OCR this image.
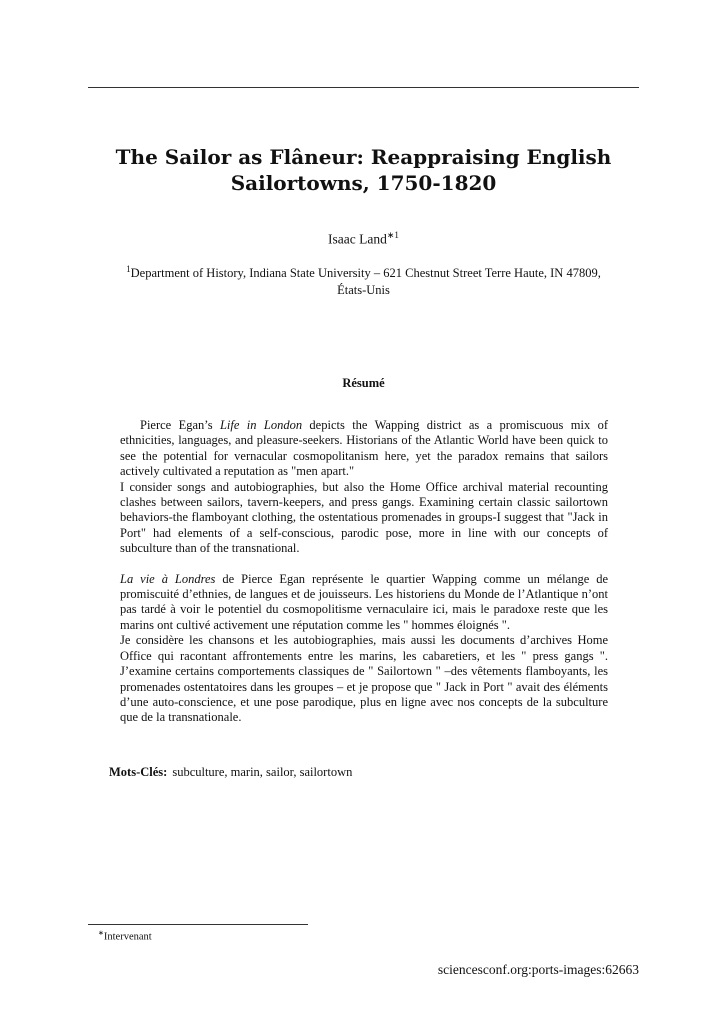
The Sailor as Flâneur: Reappraising English
Sailortowns, 1750-1820
Isaac Land$^{∗1}$
$^1$Department of History, Indiana State University – 621 Chestnut Street Terre Haute, IN 47809,
États-Unis
Résumé

Pierce Egan’s Life in London depicts the Wapping district as a promiscuous mix of ethnicities, languages, and pleasure-seekers. Historians of the Atlantic World have been quick to see the potential for vernacular cosmopolitanism here, yet the paradox remains that sailors actively cultivated a reputation as "men apart."

I consider songs and autobiographies, but also the Home Office archival material recounting clashes between sailors, tavern-keepers, and press gangs. Examining certain classic sailortown behaviors-the flamboyant clothing, the ostentatious promenades in groups-I suggest that "Jack in Port" had elements of a self-conscious, parodic pose, more in line with our concepts of subculture than of the transnational.

La vie à Londres de Pierce Egan représente le quartier Wapping comme un mélange de promiscuité d’ethnies, de langues et de jouisseurs. Les historiens du Monde de l’Atlantique n’ont pas tardé à voir le potentiel du cosmopolitisme vernaculaire ici, mais le paradoxe reste que les marins ont cultivé activement une réputation comme les " hommes éloignés ".

Je considère les chansons et les autobiographies, mais aussi les documents d’archives Home Office qui racontant affrontements entre les marins, les cabaretiers, et les " press gangs ". J’examine certains comportements classiques de " Sailortown " –des vêtements flamboyants, les promenades ostentatoires dans les groupes – et je propose que " Jack in Port " avait des éléments d’une auto-conscience, et une pose parodique, plus en ligne avec nos concepts de la subculture que de la transnationale.

Mots-Clés: subculture, marin, sailor, sailortown
∗Intervenant
sciencesconf.org:ports-images:62663
